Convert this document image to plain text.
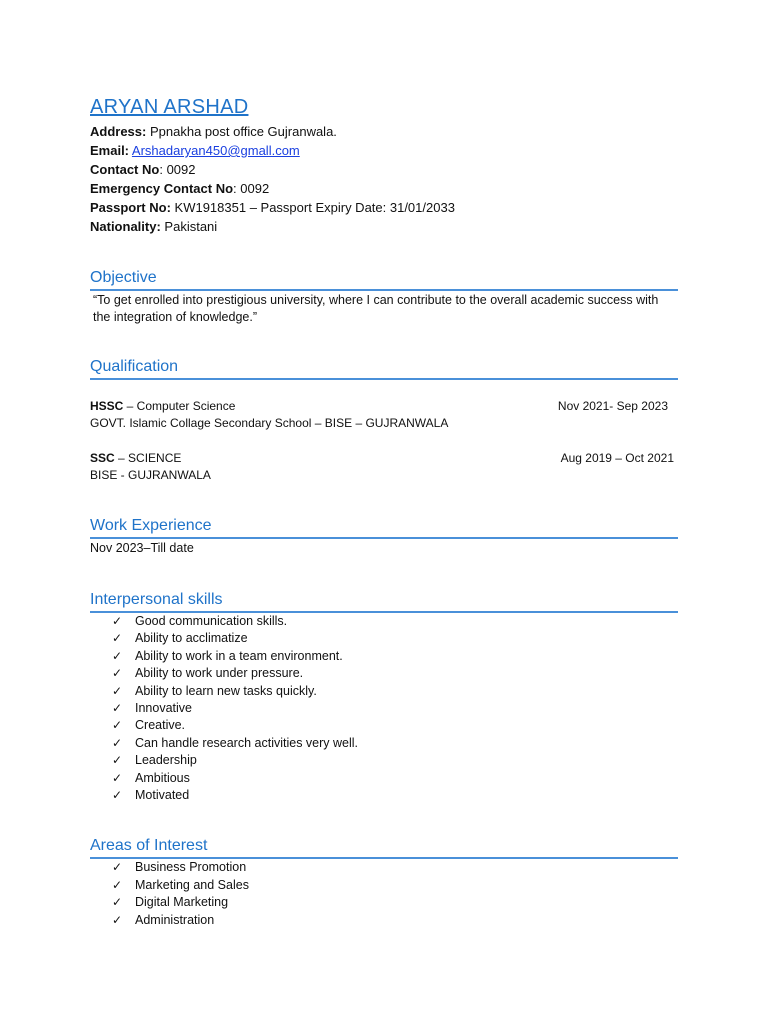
ARYAN ARSHAD
Address: Ppnakha post office Gujranwala.
Email: Arshadaryan450@gmall.com
Contact No: 0092
Emergency Contact No: 0092
Passport No: KW1918351 – Passport Expiry Date: 31/01/2033
Nationality: Pakistani
Objective
“To get enrolled into prestigious university, where I can contribute to the overall academic success with the integration of knowledge.”
Qualification
HSSC – Computer Science	Nov 2021- Sep 2023
GOVT. Islamic Collage Secondary School – BISE – GUJRANWALA
SSC – SCIENCE	Aug 2019 – Oct 2021
BISE - GUJRANWALA
Work Experience
Nov 2023–Till date
Interpersonal skills
✓ Good communication skills.
✓ Ability to acclimatize
✓ Ability to work in a team environment.
✓ Ability to work under pressure.
✓ Ability to learn new tasks quickly.
✓ Innovative
✓ Creative.
✓ Can handle research activities very well.
✓ Leadership
✓ Ambitious
✓ Motivated
Areas of Interest
✓ Business Promotion
✓ Marketing and Sales
✓ Digital Marketing
✓ Administration
